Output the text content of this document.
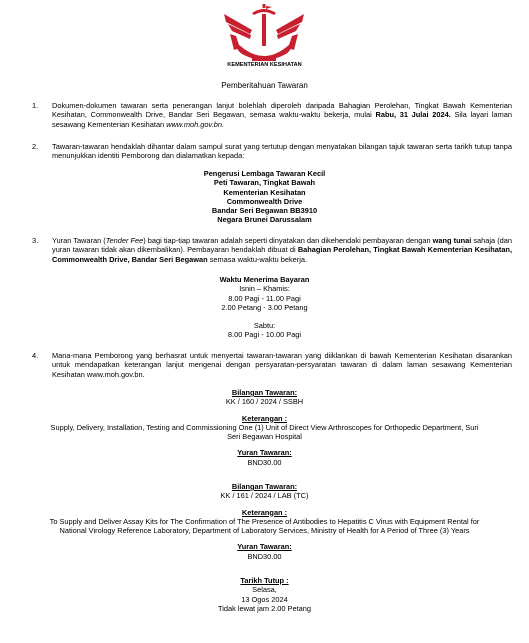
KEMENTERIAN KESIHATAN
Pemberitahuan Tawaran
1. Dokumen-dokumen tawaran serta penerangan lanjut bolehlah diperoleh daripada Bahagian Perolehan, Tingkat Bawah Kementerian Kesihatan, Commonwealth Drive, Bandar Seri Begawan, semasa waktu-waktu bekerja, mulai Rabu, 31 Julai 2024. Sila layari laman sesawang Kementerian Kesihatan www.moh.gov.bn.
2. Tawaran-tawaran hendaklah dihantar dalam sampul surat yang tertutup dengan menyatakan bilangan tajuk tawaran serta tarikh tutup tanpa menunjukkan identiti Pemborong dan dialamatkan kepada:
Pengerusi Lembaga Tawaran Kecil
Peti Tawaran, Tingkat Bawah
Kementerian Kesihatan
Commonwealth Drive
Bandar Seri Begawan BB3910
Negara Brunei Darussalam
3. Yuran Tawaran (Tender Fee) bagi tiap-tiap tawaran adalah seperti dinyatakan dan dikehendaki pembayaran dengan wang tunai sahaja (dan yuran tawaran tidak akan dikembalikan). Pembayaran hendaklah dibuat di Bahagian Perolehan, Tingkat Bawah Kementerian Kesihatan, Commonwealth Drive, Bandar Seri Begawan semasa waktu-waktu bekerja.
Waktu Menerima Bayaran
Isnin – Khamis:
8.00 Pagi - 11.00 Pagi
2.00 Petang - 3.00 Petang
Sabtu:
8.00 Pagi - 10.00 Pagi
4. Mana-mana Pemborong yang berhasrat untuk menyertai tawaran-tawaran yang diiklankan di bawah Kementerian Kesihatan disarankan untuk mendapatkan keterangan lanjut mengenai dengan persyaratan-persyaratan tawaran di dalam laman sesawang Kementerian Kesihatan www.moh.gov.bn.
Bilangan Tawaran:
KK / 160 / 2024 / SSBH
Keterangan :
Supply, Delivery, Installation, Testing and Commissioning One (1) Unit of Direct View Arthroscopes for Orthopedic Department, Suri
Seri Begawan Hospital
Yuran Tawaran:
BND30.00
Bilangan Tawaran:
KK / 161 / 2024 / LAB (TC)
Keterangan :
To Supply and Deliver Assay Kits for The Confirmation of The Presence of Antibodies to Hepatitis C Virus with Equipment Rental for
National Virology Reference Laboratory, Department of Laboratory Services, Ministry of Health for A Period of Three (3) Years
Yuran Tawaran:
BND30.00
Tarikh Tutup :
Selasa,
13 Ogos 2024
Tidak lewat jam 2.00 Petang
